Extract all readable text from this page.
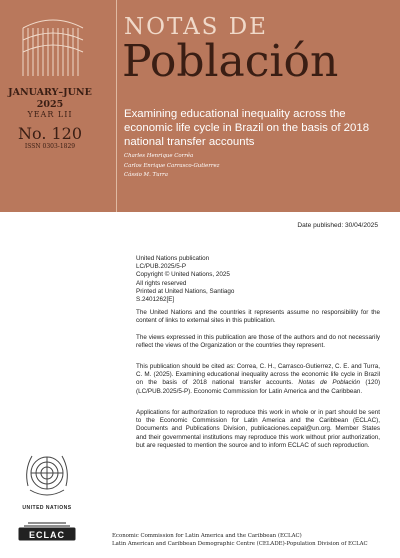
NOTAS DE
Población
JANUARY–JUNE 2025
YEAR LII
No. 120
ISSN 0303-1829
Examining educational inequality across the economic life cycle in Brazil on the basis of 2018 national transfer accounts
Charles Henrique Corrêa
Carlos Enrique Carrasco-Gutierrez
Cássio M. Turra
Date published: 30/04/2025
United Nations publication
LC/PUB.2025/5-P
Copyright © United Nations, 2025
All rights reserved
Printed at United Nations, Santiago
S.2401262[E]

The United Nations and the countries it represents assume no responsibility for the content of links to external sites in this publication.

The views expressed in this publication are those of the authors and do not necessarily reflect the views of the Organization or the countries they represent.

This publication should be cited as: Correa, C. H., Carrasco-Gutierrez, C. E. and Turra, C. M. (2025). Examining educational inequality across the economic life cycle in Brazil on the basis of 2018 national transfer accounts. Notas de Población (120) (LC/PUB.2025/5-P). Economic Commission for Latin America and the Caribbean.

Applications for authorization to reproduce this work in whole or in part should be sent to the Economic Commission for Latin America and the Caribbean (ECLAC), Documents and Publications Division, publicaciones.cepal@un.org. Member States and their governmental institutions may reproduce this work without prior authorization, but are requested to mention the source and to inform ECLAC of such reproduction.

UNITED NATIONS
ECLAC	Economic Commission for Latin America and the Caribbean (ECLAC)
Latin American and Caribbean Demographic Centre (CELADE)-Population Division of ECLAC
